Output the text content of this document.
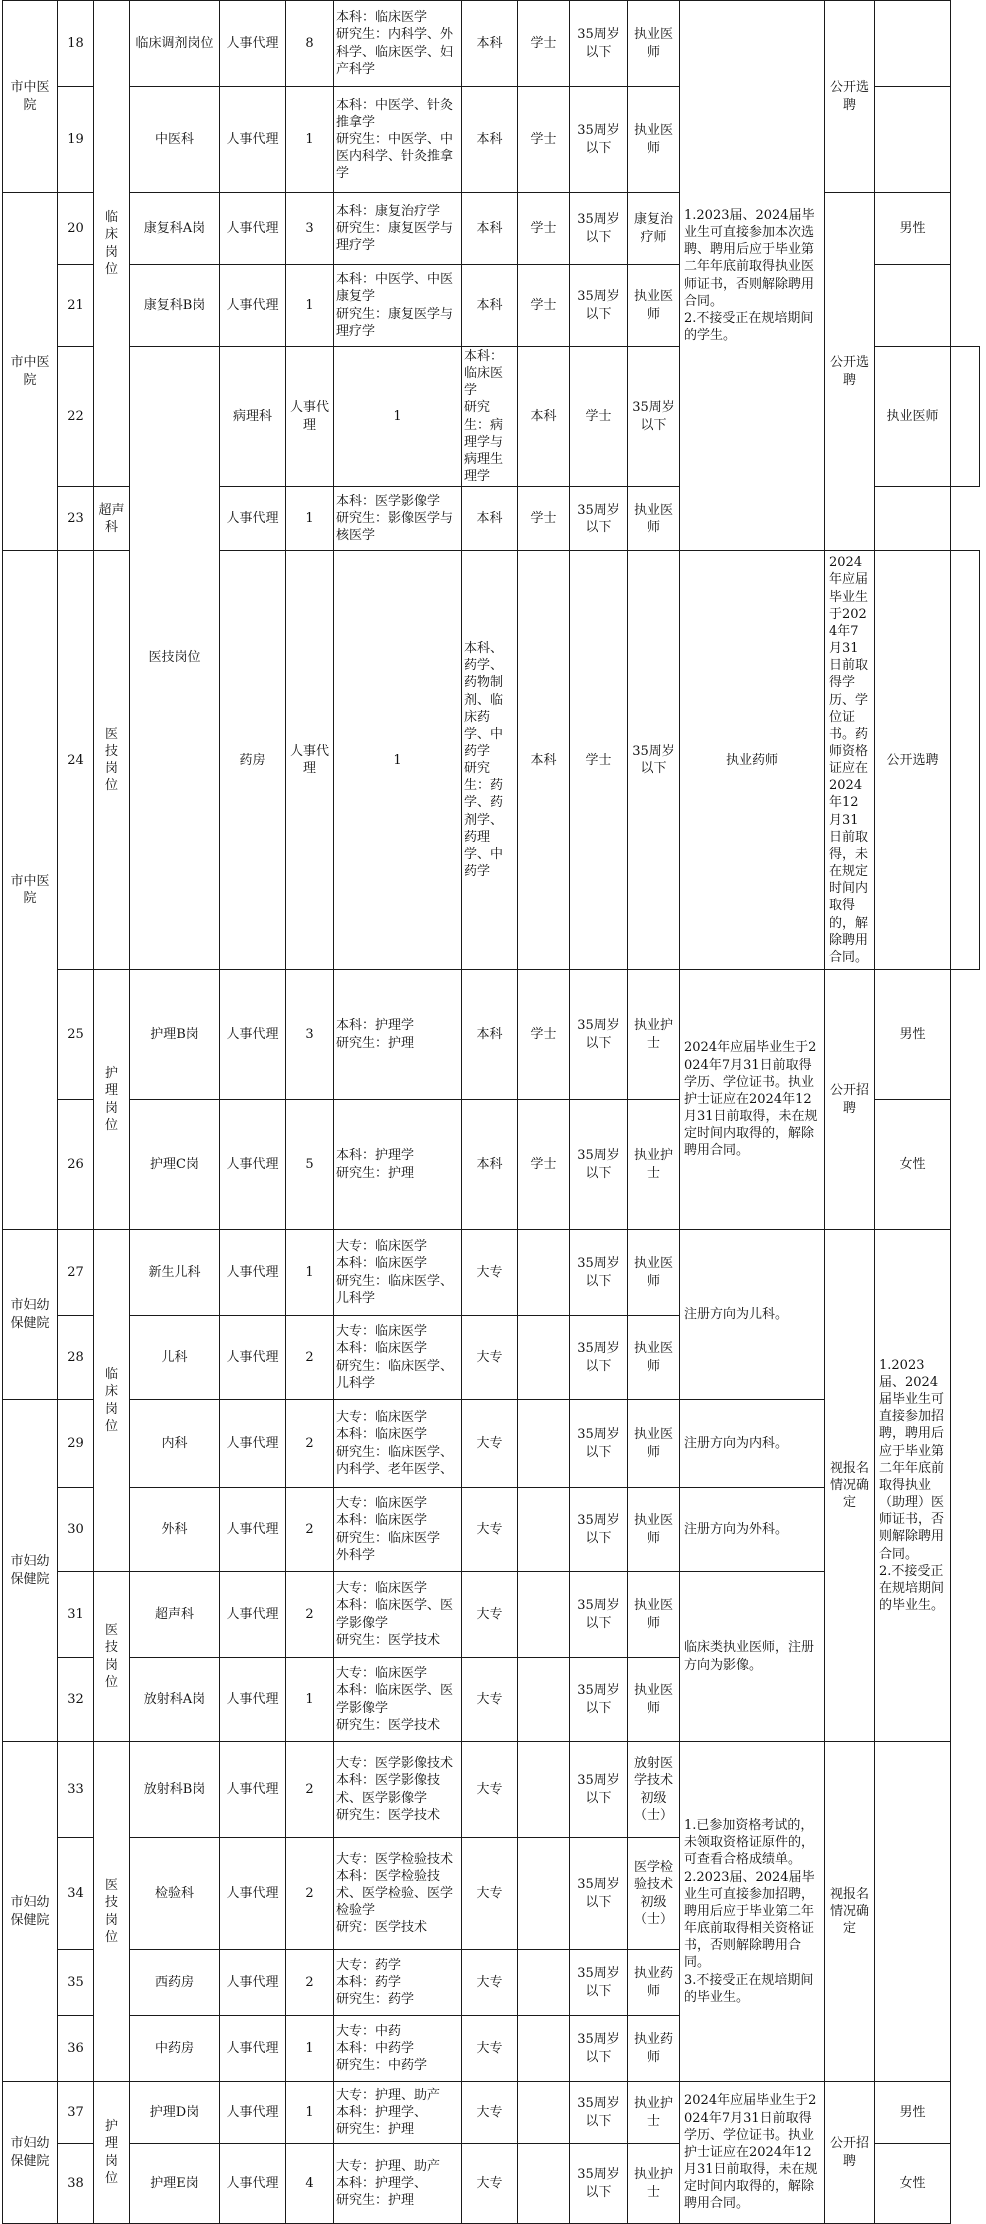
市中医院	18	临床岗位	临床调剂岗位	人事代理	8	本科：临床医学
研究生：内科学、外科学、临床医学、妇产科学	本科	学士	35周岁以下	执业医师	1.2023届、2024届毕业生可直接参加本次选聘、聘用后应于毕业第二年年底前取得执业医师证书，否则解除聘用合同。
2.不接受正在规培期间的学生。	公开选聘		
	19		中医科	人事代理	1	本科：中医学、针灸推拿学
研究生：中医学、中医内科学、针灸推拿学	本科	学士	35周岁以下	执业医师				
市中医院	20		康复科A岗	人事代理	3	本科：康复治疗学
研究生：康复医学与理疗学	本科	学士	35周岁以下	康复治疗师		公开选聘	男性	
	21		康复科B岗	人事代理	1	本科：中医学、中医康复学
研究生：康复医学与理疗学	本科	学士	35周岁以下	执业医师				
	22		医技岗位	病理科	人事代理	1	本科：临床医学
研究生：病理学与病理生理学	本科	学士	35周岁以下			执业医师	
	23	超声科		人事代理	1	本科：医学影像学
研究生：影像医学与核医学	本科	学士	35周岁以下	执业医师				
市中医院	24	医技岗位		药房	人事代理	1	本科、药学、药物制剂、临床药学、中药学
研究生：药学、药剂学、药理学、中药学	本科	学士	35周岁以下	执业药师	2024年应届毕业生于2024年7月31日前取得学历、学位证书。药师资格证应在2024年12月31日前取得，未在规定时间内取得的，解除聘用合同。	公开选聘	
	25	护理岗位	护理B岗	人事代理	3	本科：护理学
研究生：护理	本科	学士	35周岁以下	执业护士	2024年应届毕业生于2024年7月31日前取得学历、学位证书。执业护士证应在2024年12月31日前取得，未在规定时间内取得的，解除聘用合同。	公开招聘	男性	
	26		护理C岗	人事代理	5	本科：护理学
研究生：护理	本科	学士	35周岁以下	执业护士			女性	
市妇幼保健院	27	临床岗位	新生儿科	人事代理	1	大专：临床医学
本科：临床医学
研究生：临床医学、儿科学	大专		35周岁以下	执业医师	注册方向为儿科。	视报名情况确定	1.2023届、2024届毕业生可直接参加招聘，聘用后应于毕业第二年年底前取得执业（助理）医师证书，否则解除聘用合同。
2.不接受正在规培期间的毕业生。	
	28		儿科	人事代理	2	大专：临床医学
本科：临床医学
研究生：临床医学、儿科学	大专		35周岁以下	执业医师				
市妇幼保健院	29		内科	人事代理	2	大专：临床医学
本科：临床医学
研究生：临床医学、内科学、老年医学、	大专		35周岁以下	执业医师	注册方向为内科。			
	30		外科	人事代理	2	大专：临床医学
本科：临床医学
研究生：临床医学
外科学	大专		35周岁以下	执业医师	注册方向为外科。			
	31	医技岗位	超声科	人事代理	2	大专：临床医学
本科：临床医学、医学影像学
研究生：医学技术	大专		35周岁以下	执业医师	临床类执业医师，注册方向为影像。			
	32		放射科A岗	人事代理	1	大专：临床医学
本科：临床医学、医学影像学
研究生：医学技术	大专		35周岁以下	执业医师				
市妇幼保健院	33	医技岗位	放射科B岗	人事代理	2	大专：医学影像技术
本科：医学影像技术、医学影像学
研究生：医学技术	大专		35周岁以下	放射医学技术初级（士）	1.已参加资格考试的，未领取资格证原件的，可查看合格成绩单。
2.2023届、2024届毕业生可直接参加招聘，聘用后应于毕业第二年年底前取得相关资格证书，否则解除聘用合同。
3.不接受正在规培期间的毕业生。	视报名情况确定		
	34		检验科	人事代理	2	大专：医学检验技术
本科：医学检验技术、医学检验、医学检验学
研究：医学技术	大专		35周岁以下	医学检验技术初级（士）				
	35		西药房	人事代理	2	大专：药学
本科：药学
研究生：药学	大专		35周岁以下	执业药师				
	36		中药房	人事代理	1	大专：中药
本科：中药学
研究生：中药学	大专		35周岁以下	执业药师				
市妇幼保健院	37	护理岗位	护理D岗	人事代理	1	大专：护理、助产
本科：护理学、
研究生：护理	大专		35周岁以下	执业护士	2024年应届毕业生于2024年7月31日前取得学历、学位证书。执业护士证应在2024年12月31日前取得，未在规定时间内取得的，解除聘用合同。	公开招聘	男性	
	38		护理E岗	人事代理	4	大专：护理、助产
本科：护理学、
研究生：护理	大专		35周岁以下	执业护士			女性	
